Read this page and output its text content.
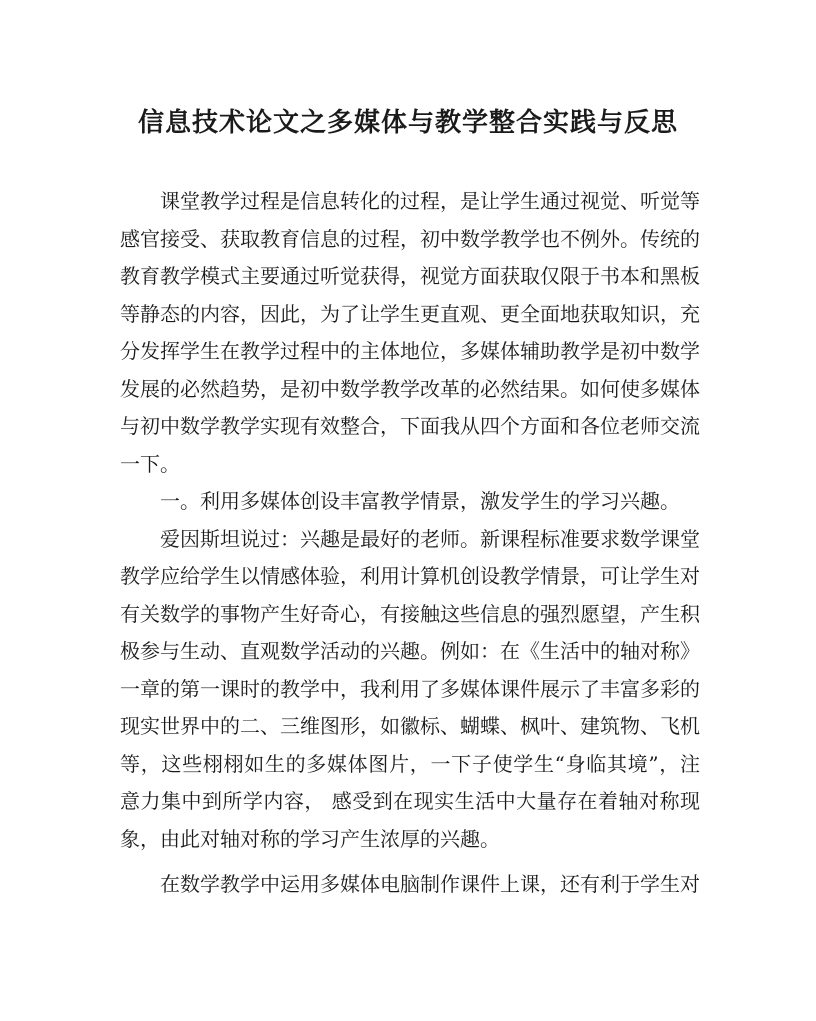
信息技术论文之多媒体与教学整合实践与反思

课堂教学过程是信息转化的过程，是让学生通过视觉、听觉等感官接受、获取教育信息的过程，初中数学教学也不例外。传统的教育教学模式主要通过听觉获得，视觉方面获取仅限于书本和黑板等静态的内容，因此，为了让学生更直观、更全面地获取知识，充分发挥学生在教学过程中的主体地位，多媒体辅助教学是初中数学发展的必然趋势，是初中数学教学改革的必然结果。如何使多媒体与初中数学教学实现有效整合，下面我从四个方面和各位老师交流一下。

一。利用多媒体创设丰富教学情景，激发学生的学习兴趣。

爱因斯坦说过：兴趣是最好的老师。新课程标准要求数学课堂教学应给学生以情感体验，利用计算机创设教学情景，可让学生对有关数学的事物产生好奇心，有接触这些信息的强烈愿望，产生积极参与生动、直观数学活动的兴趣。例如：在《生活中的轴对称》一章的第一课时的教学中，我利用了多媒体课件展示了丰富多彩的现实世界中的二、三维图形，如徽标、蝴蝶、枫叶、建筑物、飞机等，这些栩栩如生的多媒体图片，一下子使学生“身临其境”，注意力集中到所学内容， 感受到在现实生活中大量存在着轴对称现象，由此对轴对称的学习产生浓厚的兴趣。

在数学教学中运用多媒体电脑制作课件上课，还有利于学生对
